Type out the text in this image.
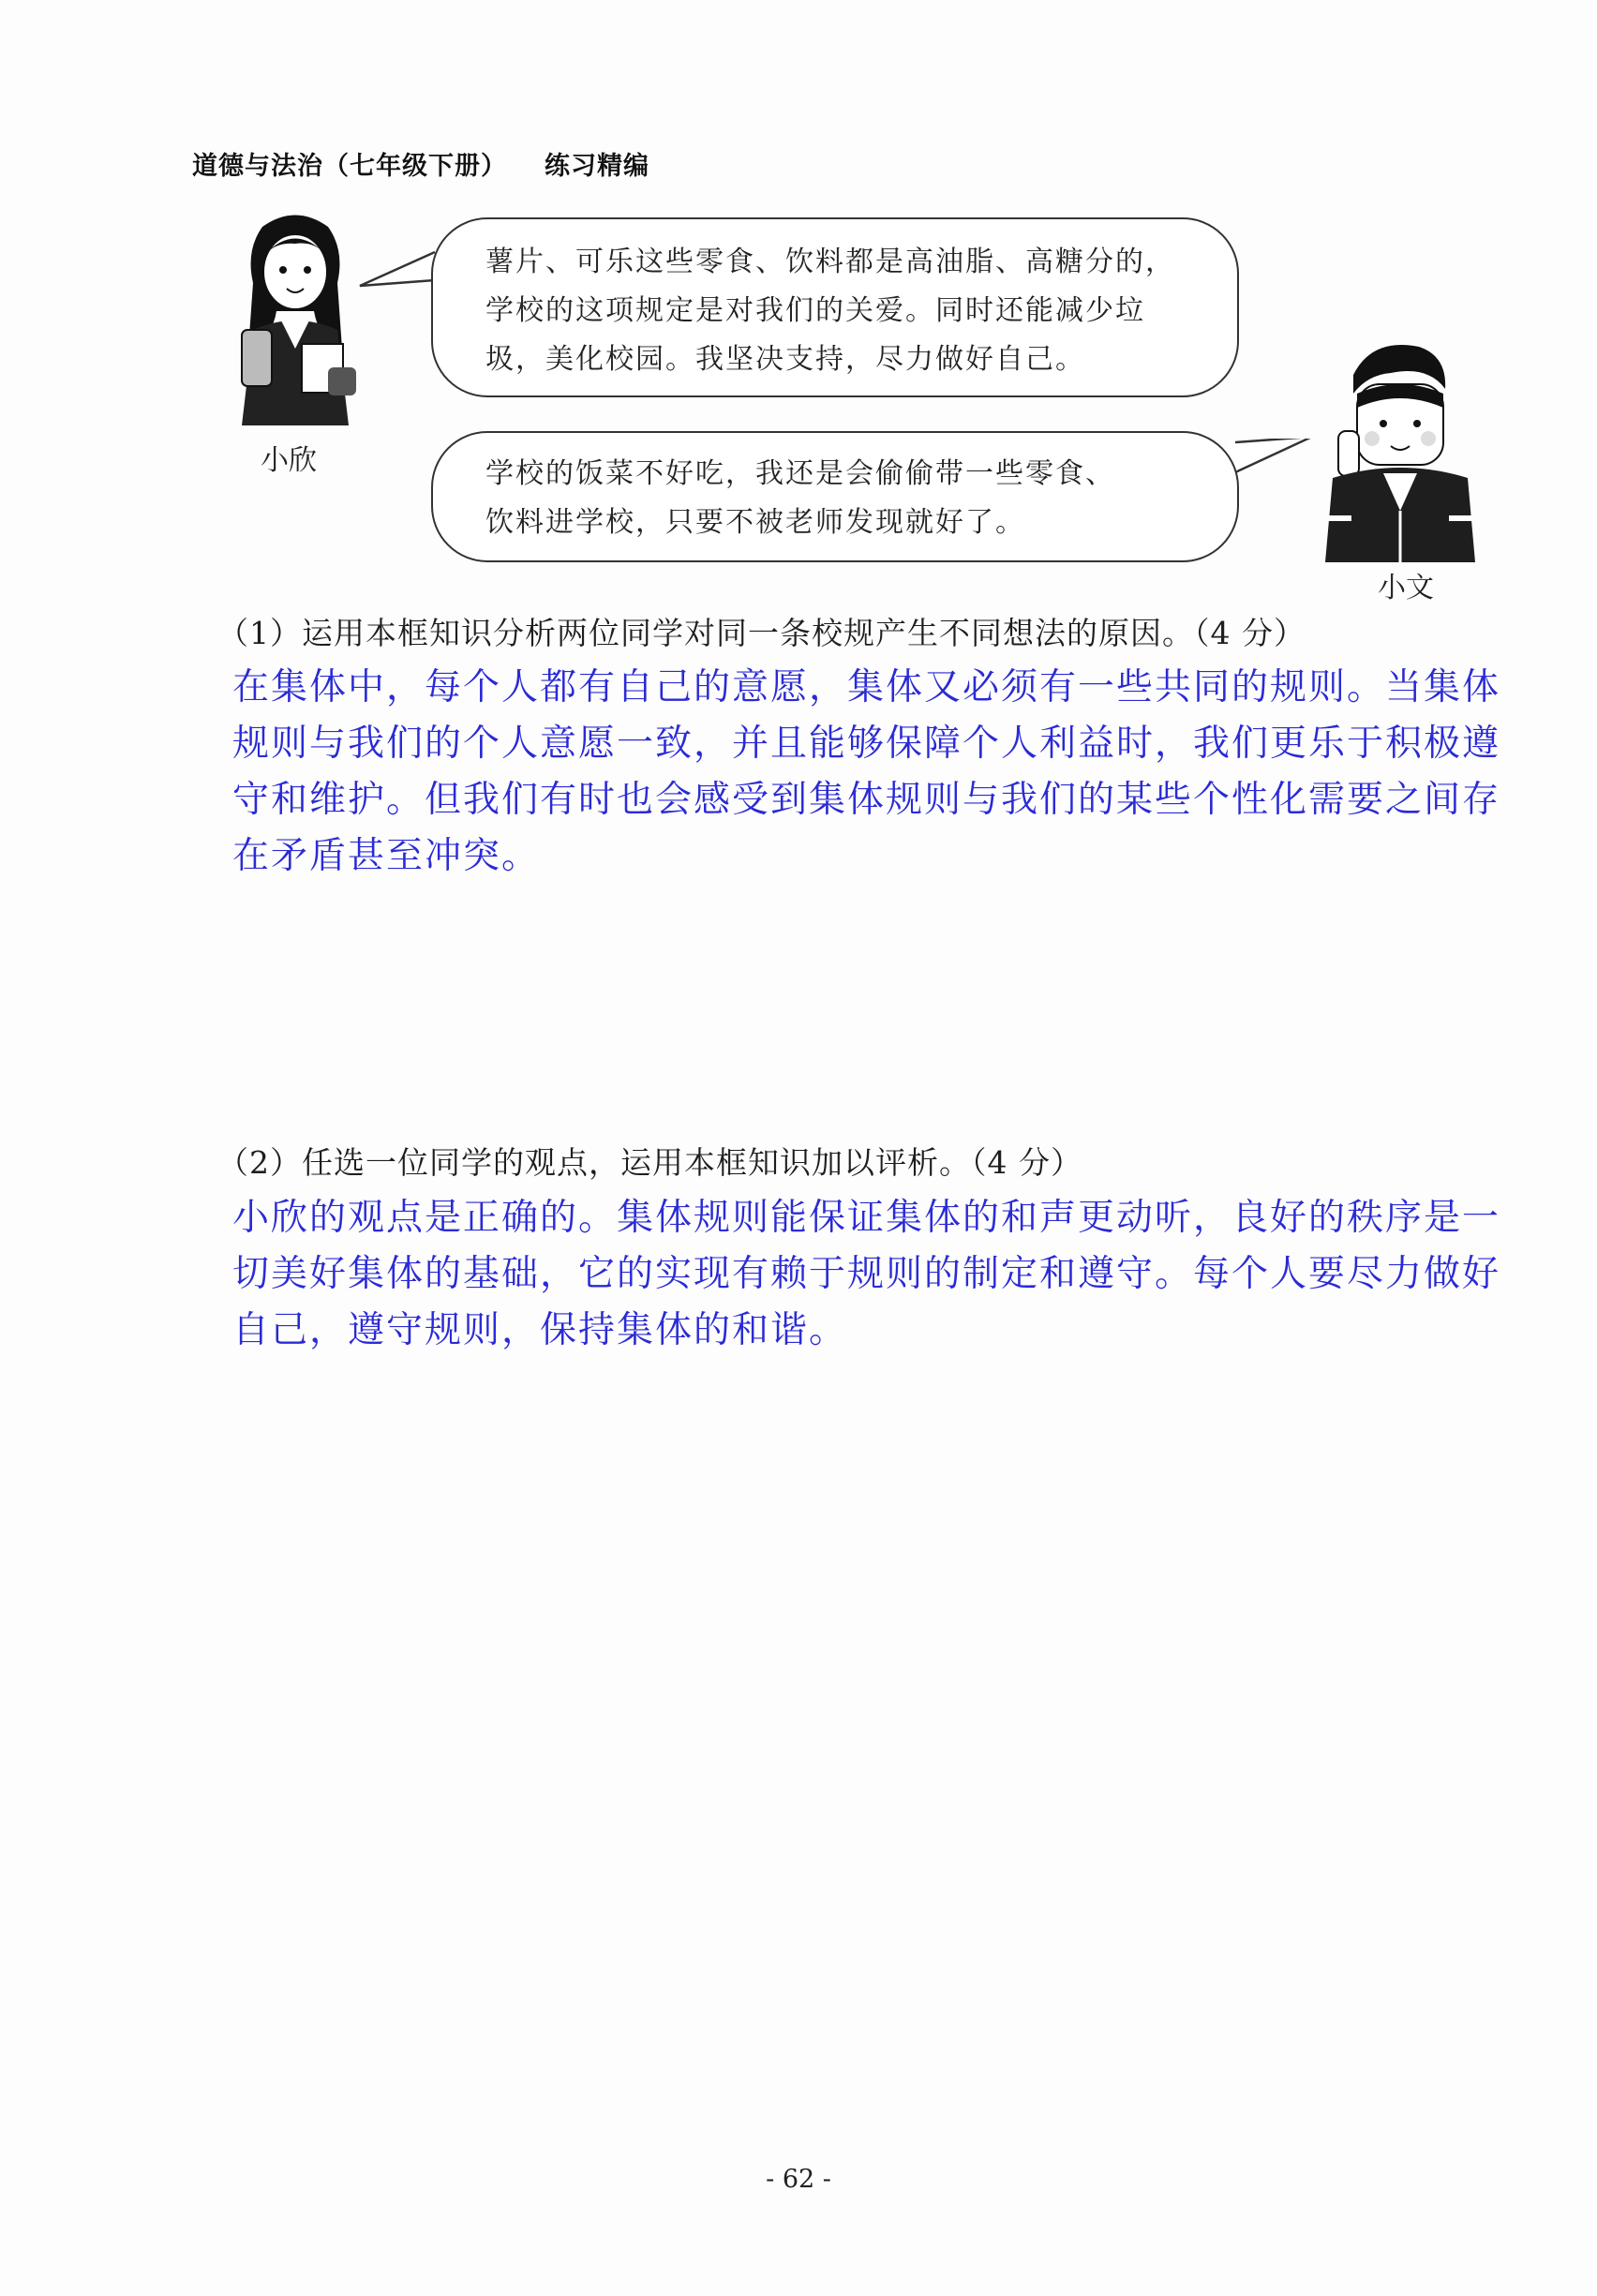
道德与法治（七年级下册） 练习精编
小欣
薯片、可乐这些零食、饮料都是高油脂、高糖分的，
学校的这项规定是对我们的关爱。同时还能减少垃
圾，美化校园。我坚决支持，尽力做好自己。
学校的饭菜不好吃，我还是会偷偷带一些零食、
饮料进学校，只要不被老师发现就好了。
小文
（1）运用本框知识分析两位同学对同一条校规产生不同想法的原因。（4 分）
在集体中，每个人都有自己的意愿，集体又必须有一些共同的规则。当集体规则与我们的个人意愿一致，并且能够保障个人利益时，我们更乐于积极遵守和维护。但我们有时也会感受到集体规则与我们的某些个性化需要之间存在矛盾甚至冲突。
（2）任选一位同学的观点，运用本框知识加以评析。（4 分）
小欣的观点是正确的。集体规则能保证集体的和声更动听，良好的秩序是一切美好集体的基础，它的实现有赖于规则的制定和遵守。每个人要尽力做好自己，遵守规则，保持集体的和谐。
- 62 -
